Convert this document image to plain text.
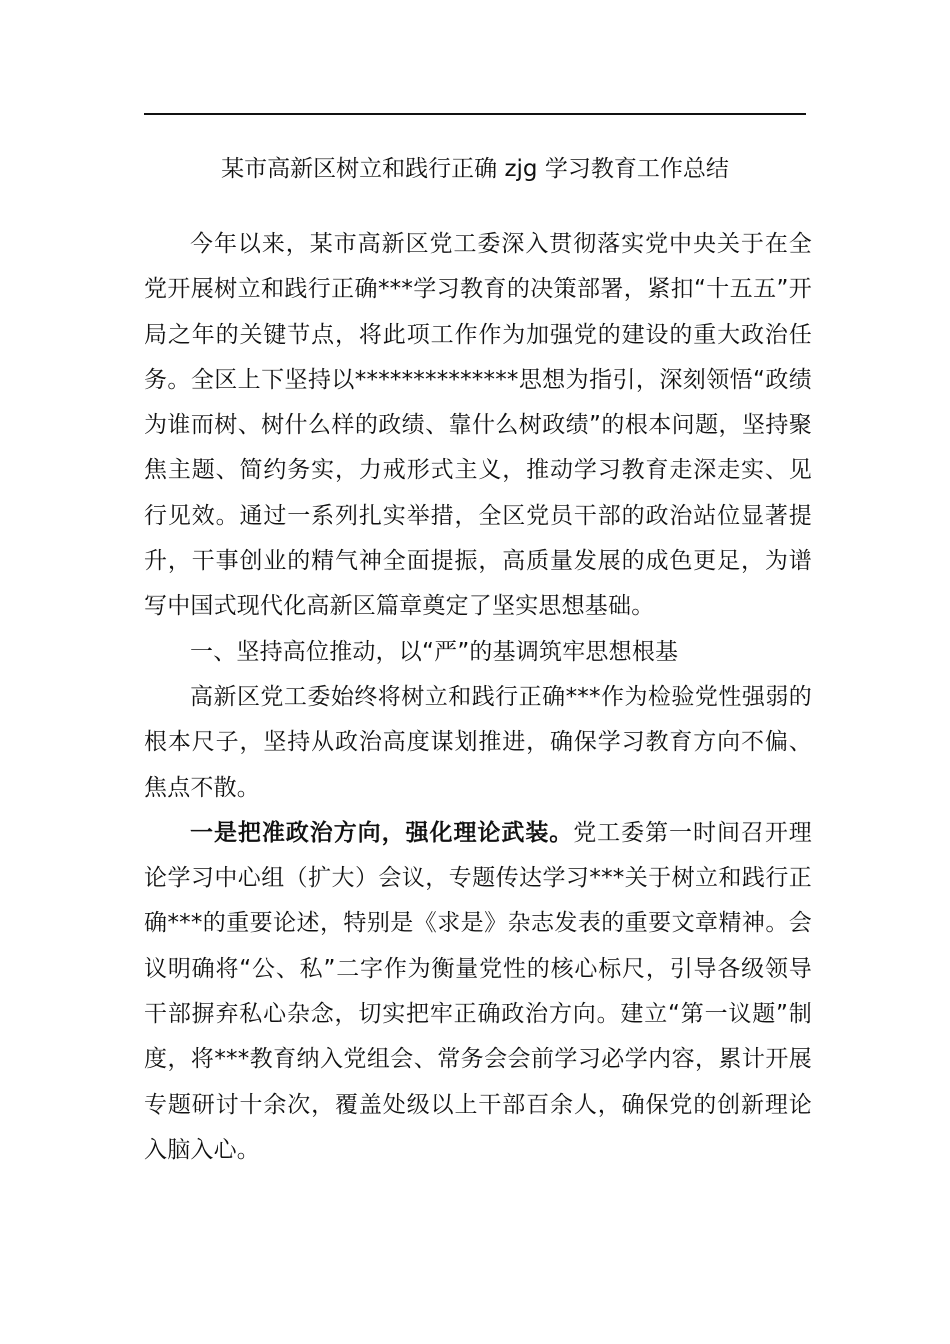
某市高新区树立和践行正确 zjg 学习教育工作总结

今年以来，某市高新区党工委深入贯彻落实党中央关于在全党开展树立和践行正确***学习教育的决策部署，紧扣“十五五”开局之年的关键节点，将此项工作作为加强党的建设的重大政治任务。全区上下坚持以**************思想为指引，深刻领悟“政绩为谁而树、树什么样的政绩、靠什么树政绩”的根本问题，坚持聚焦主题、简约务实，力戒形式主义，推动学习教育走深走实、见行见效。通过一系列扎实举措，全区党员干部的政治站位显著提升，干事创业的精气神全面提振，高质量发展的成色更足，为谱写中国式现代化高新区篇章奠定了坚实思想基础。

一、坚持高位推动，以“严”的基调筑牢思想根基

高新区党工委始终将树立和践行正确***作为检验党性强弱的根本尺子，坚持从政治高度谋划推进，确保学习教育方向不偏、焦点不散。

一是把准政治方向，强化理论武装。党工委第一时间召开理论学习中心组（扩大）会议，专题传达学习***关于树立和践行正确***的重要论述，特别是《求是》杂志发表的重要文章精神。会议明确将“公、私”二字作为衡量党性的核心标尺，引导各级领导干部摒弃私心杂念，切实把牢正确政治方向。建立“第一议题”制度，将***教育纳入党组会、常务会会前学习必学内容，累计开展专题研讨十余次，覆盖处级以上干部百余人，确保党的创新理论入脑入心。
